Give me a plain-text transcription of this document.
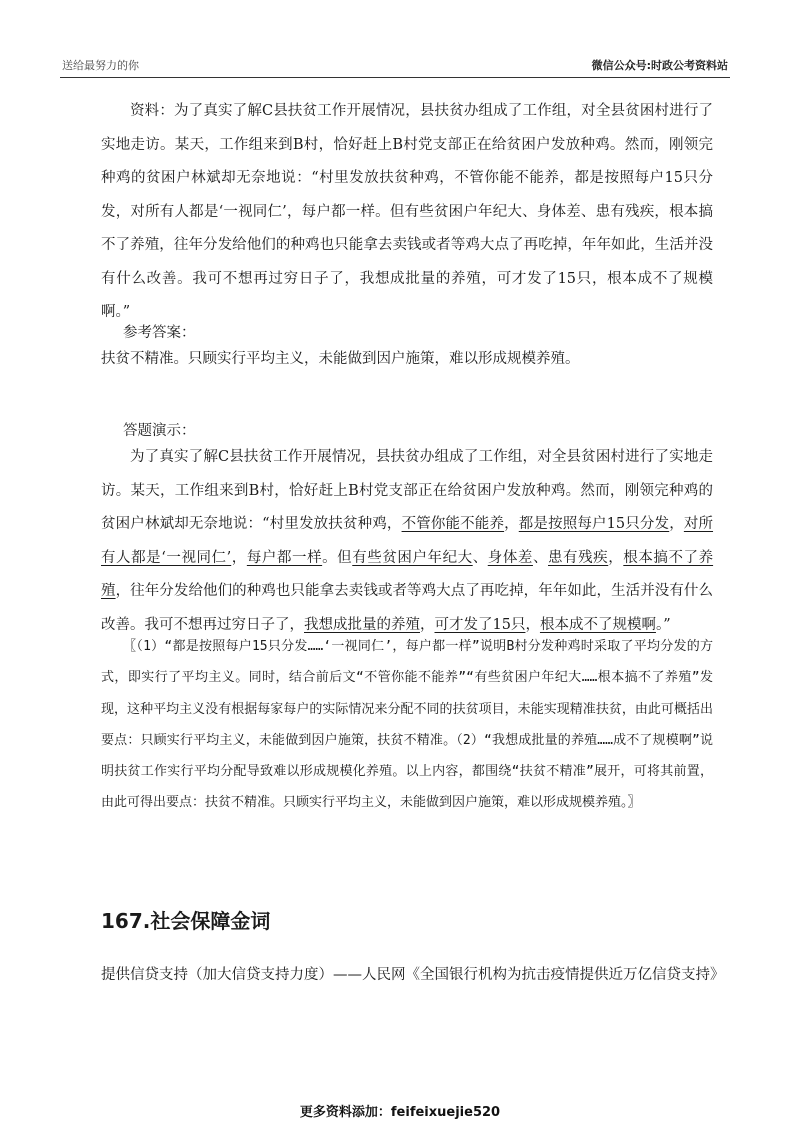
送给最努力的你	微信公众号:时政公考资料站

资料：为了真实了解C县扶贫工作开展情况，县扶贫办组成了工作组，对全县贫困村进行了实地走访。某天，工作组来到B村，恰好赶上B村党支部正在给贫困户发放种鸡。然而，刚领完种鸡的贫困户林斌却无奈地说：“村里发放扶贫种鸡，不管你能不能养，都是按照每户15只分发，对所有人都是‘一视同仁’，每户都一样。但有些贫困户年纪大、身体差、患有残疾，根本搞不了养殖，往年分发给他们的种鸡也只能拿去卖钱或者等鸡大点了再吃掉，年年如此，生活并没有什么改善。我可不想再过穷日子了，我想成批量的养殖，可才发了15只，根本成不了规模啊。”

参考答案：

扶贫不精准。只顾实行平均主义，未能做到因户施策，难以形成规模养殖。

答题演示：

为了真实了解C县扶贫工作开展情况，县扶贫办组成了工作组，对全县贫困村进行了实地走访。某天，工作组来到B村，恰好赶上B村党支部正在给贫困户发放种鸡。然而，刚领完种鸡的贫困户林斌却无奈地说：“村里发放扶贫种鸡，不管你能不能养，都是按照每户15只分发，对所有人都是‘一视同仁’，每户都一样。但有些贫困户年纪大、身体差、患有残疾，根本搞不了养殖，往年分发给他们的种鸡也只能拿去卖钱或者等鸡大点了再吃掉，年年如此，生活并没有什么改善。我可不想再过穷日子了，我想成批量的养殖，可才发了15只，根本成不了规模啊。”

〖（1）“都是按照每户15只分发……‘一视同仁’，每户都一样”说明B村分发种鸡时采取了平均分发的方式，即实行了平均主义。同时，结合前后文“不管你能不能养”“有些贫困户年纪大……根本搞不了养殖”发现，这种平均主义没有根据每家每户的实际情况来分配不同的扶贫项目，未能实现精准扶贫，由此可概括出要点：只顾实行平均主义，未能做到因户施策，扶贫不精准。（2）“我想成批量的养殖……成不了规模啊”说明扶贫工作实行平均分配导致难以形成规模化养殖。以上内容，都围绕“扶贫不精准”展开，可将其前置，由此可得出要点：扶贫不精准。只顾实行平均主义，未能做到因户施策，难以形成规模养殖。〗

167.社会保障金词

提供信贷支持（加大信贷支持力度）——人民网《全国银行机构为抗击疫情提供近万亿信贷支持》

更多资料添加：feifeixuejie520
